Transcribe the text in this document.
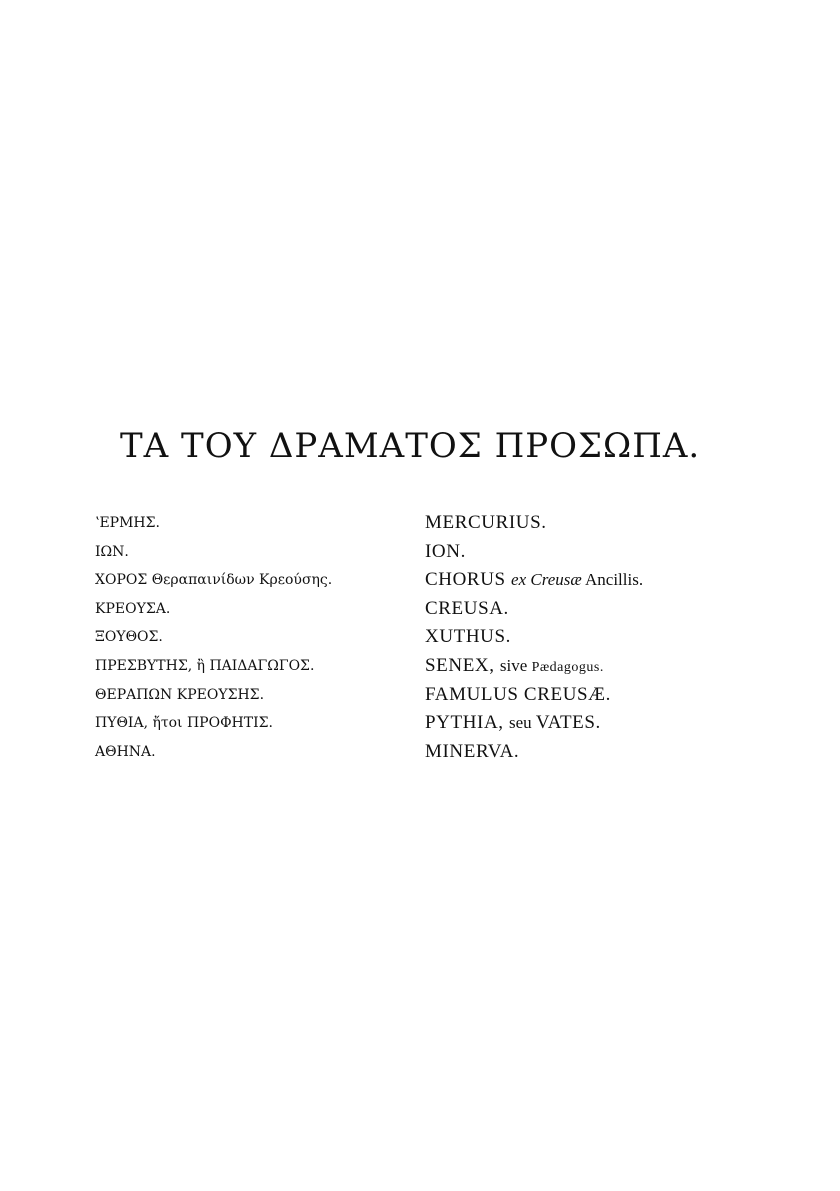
ΤΑ ΤΟΥ ΔΡΑΜΑΤΟΣ ΠΡΟΣΩΠΑ.
ʽΕΡΜΗΣ.
ΙΩΝ.
ΧΟΡΟΣ Θεραπαινίδων Κρεούσης.
ΚΡΕΟΥΣΑ.
ΞΟΥΘΟΣ.
ΠΡΕΣΒΥΤΗΣ, ἢ ΠΑΙΔΑΓΩΓΟΣ.
ΘΕΡΑΠΩΝ ΚΡΕΟΥΣΗΣ.
ΠΥΘΙΑ, ἤτοι ΠΡΟΦΗΤΙΣ.
ΑΘΗΝΑ.
MERCURIUS.
ION.
CHORUS ex Creusæ Ancillis.
CREUSA.
XUTHUS.
SENEX, sive Pædagogus.
FAMULUS CREUSÆ.
PYTHIA, seu VATES.
MINERVA.
